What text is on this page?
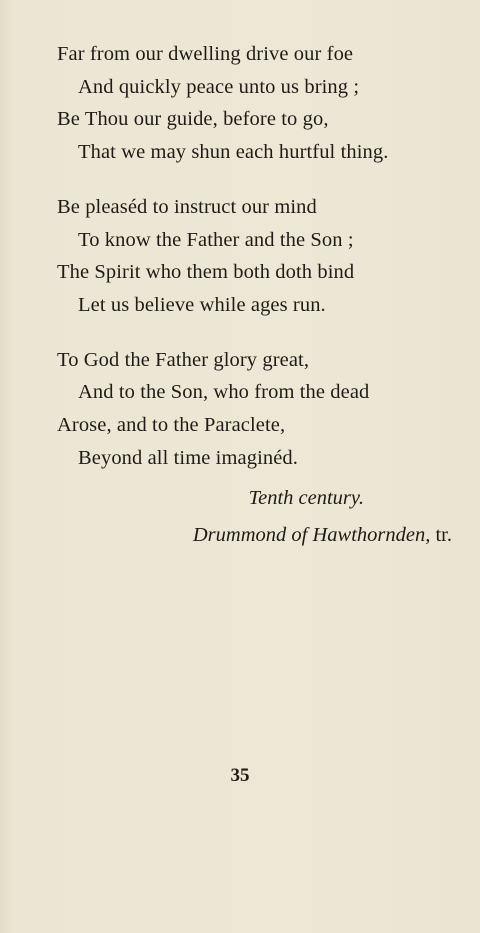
Far from our dwelling drive our foe
And quickly peace unto us bring ;
Be Thou our guide, before to go,
That we may shun each hurtful thing.
Be pleaséd to instruct our mind
To know the Father and the Son ;
The Spirit who them both doth bind
Let us believe while ages run.
To God the Father glory great,
And to the Son, who from the dead
Arose, and to the Paraclete,
Beyond all time imaginéd.
Tenth century.
Drummond of Hawthornden, tr.
35
